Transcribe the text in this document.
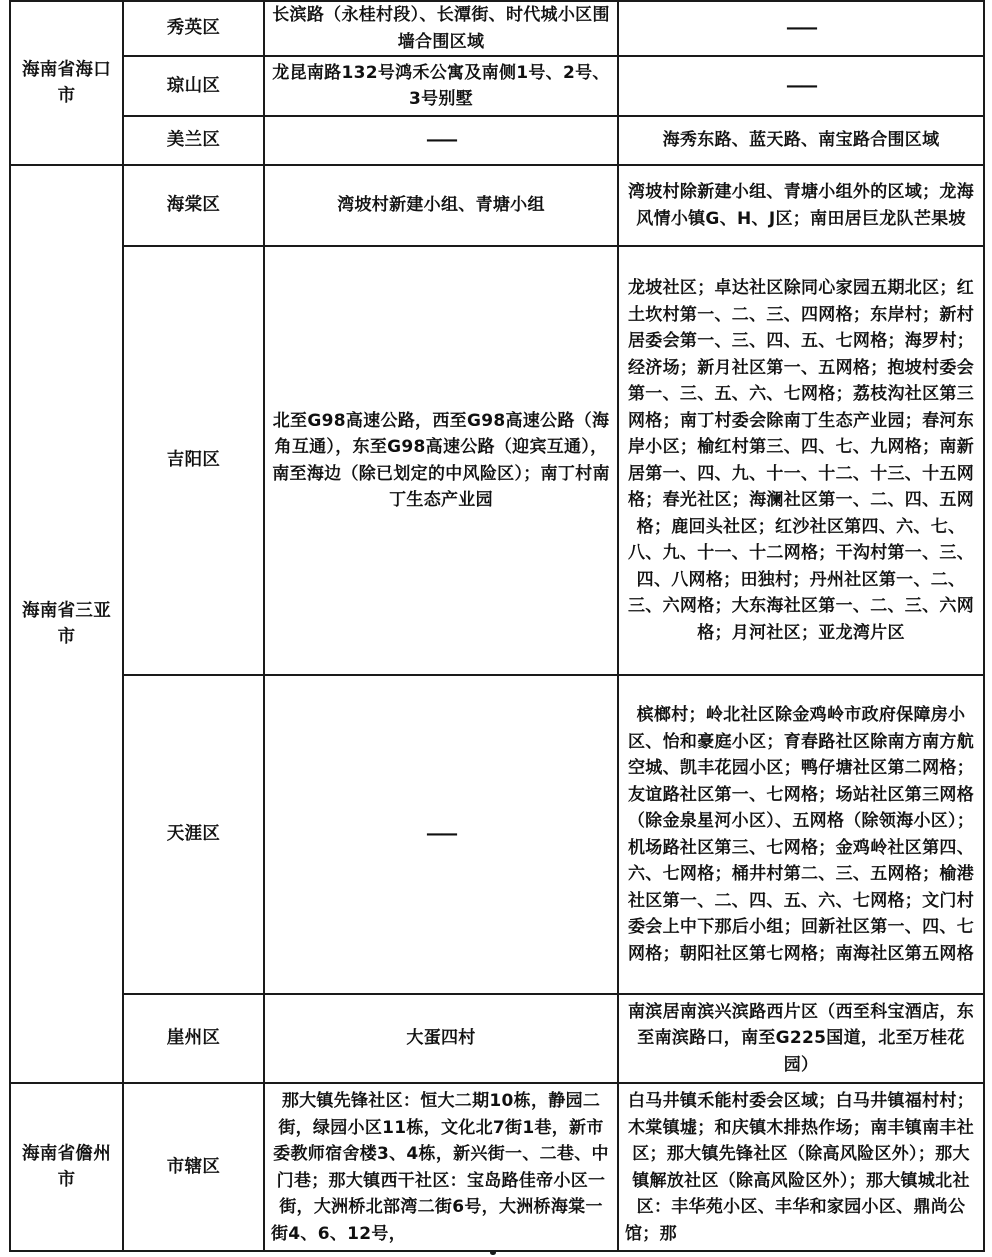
海南省海口市	秀英区	长滨路（永桂村段）、长潭街、时代城小区围墙合围区域	——
	琼山区	龙昆南路132号鸿禾公寓及南侧1号、2号、3号别墅	——
	美兰区	——	海秀东路、蓝天路、南宝路合围区域
海南省三亚市	海棠区	湾坡村新建小组、青塘小组	湾坡村除新建小组、青塘小组外的区域；龙海风情小镇G、H、J区；南田居巨龙队芒果坡
	吉阳区	北至G98高速公路，西至G98高速公路（海角互通），东至G98高速公路（迎宾互通），南至海边（除已划定的中风险区）；南丁村南丁生态产业园	龙坡社区；卓达社区除同心家园五期北区；红土坎村第一、二、三、四网格；东岸村；新村居委会第一、三、四、五、七网格；海罗村；经济场；新月社区第一、五网格；抱坡村委会第一、三、五、六、七网格；荔枝沟社区第三网格；南丁村委会除南丁生态产业园；春河东岸小区；榆红村第三、四、七、九网格；南新居第一、四、九、十一、十二、十三、十五网格；春光社区；海澜社区第一、二、四、五网格；鹿回头社区；红沙社区第四、六、七、八、九、十一、十二网格；干沟村第一、三、四、八网格；田独村；丹州社区第一、二、三、六网格；大东海社区第一、二、三、六网格；月河社区；亚龙湾片区
	天涯区	——	槟榔村；岭北社区除金鸡岭市政府保障房小区、怡和豪庭小区；育春路社区除南方南方航空城、凯丰花园小区；鸭仔塘社区第二网格；友谊路社区第一、七网格；场站社区第三网格（除金泉星河小区）、五网格（除领海小区）；机场路社区第三、七网格；金鸡岭社区第四、六、七网格；桶井村第二、三、五网格；榆港社区第一、二、四、五、六、七网格；文门村委会上中下那后小组；回新社区第一、四、七网格；朝阳社区第七网格；南海社区第五网格
	崖州区	大蛋四村	南滨居南滨兴滨路西片区（西至科宝酒店，东至南滨路口，南至G225国道，北至万桂花园）
海南省儋州市	市辖区	那大镇先锋社区：恒大二期10栋，静园二街，绿园小区11栋，文化北7街1巷，新市委教师宿舍楼3、4栋，新兴街一、二巷、中门巷；那大镇西干社区：宝岛路佳帝小区一街，大洲桥北部湾二街6号，大洲桥海棠一街4、6、12号，	白马井镇禾能村委会区域；白马井镇福村村；木棠镇墟；和庆镇木排热作场；南丰镇南丰社区；那大镇先锋社区（除高风险区外）；那大镇解放社区（除高风险区外）；那大镇城北社区：丰华苑小区、丰华和家园小区、鼎尚公馆；那
